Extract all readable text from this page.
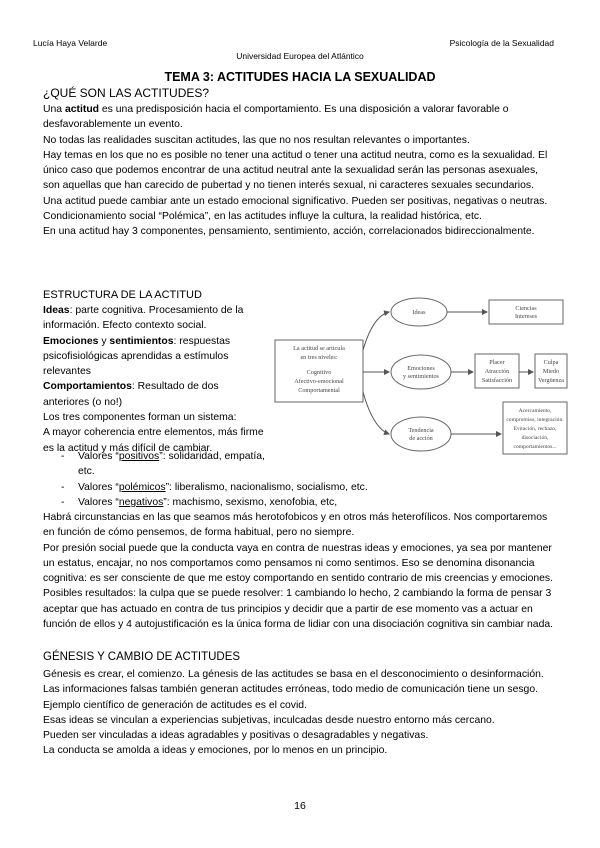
Lucía Haya Velarde	Psicología de la Sexualidad
Universidad Europea del Atlántico
TEMA 3: ACTITUDES HACIA LA SEXUALIDAD
¿QUÉ SON LAS ACTITUDES?

Una actitud es una predisposición hacia el comportamiento. Es una disposición a valorar favorable o desfavorablemente un evento.

No todas las realidades suscitan actitudes, las que no nos resultan relevantes o importantes.

Hay temas en los que no es posible no tener una actitud o tener una actitud neutra, como es la sexualidad. El único caso que podemos encontrar de una actitud neutral ante la sexualidad serán las personas asexuales, son aquellas que han carecido de pubertad y no tienen interés sexual, ni caracteres sexuales secundarios.

Una actitud puede cambiar ante un estado emocional significativo. Pueden ser positivas, negativas o neutras.

Condicionamiento social “Polémica”, en las actitudes influye la cultura, la realidad histórica, etc.

En una actitud hay 3 componentes, pensamiento, sentimiento, acción, correlacionados bidireccionalmente.

ESTRUCTURA DE LA ACTITUD

Ideas: parte cognitiva. Procesamiento de la información. Efecto contexto social.

Emociones y sentimientos: respuestas psicofisiológicas aprendidas a estímulos relevantes

Comportamientos: Resultado de dos anteriores (o no!)

Los tres componentes forman un sistema:

A mayor coherencia entre elementos, más firme es la actitud y más difícil de cambiar.

- Valores “positivos”: solidaridad, empatía, etc.
- Valores “polémicos”: liberalismo, nacionalismo, socialismo, etc.
- Valores “negativos”: machismo, sexismo, xenofobia, etc,

Habrá circunstancias en las que seamos más herotofobicos y en otros más heterofílicos. Nos comportaremos en función de cómo pensemos, de forma habitual, pero no siempre.

Por presión social puede que la conducta vaya en contra de nuestras ideas y emociones, ya sea por mantener un estatus, encajar, no nos comportamos como pensamos ni como sentimos. Eso se denomina disonancia cognitiva: es ser consciente de que me estoy comportando en sentido contrario de mis creencias y emociones. Posibles resultados: la culpa que se puede resolver: 1 cambiando lo hecho, 2 cambiando la forma de pensar 3 aceptar que has actuado en contra de tus principios y decidir que a partir de ese momento vas a actuar en función de ellos y 4 autojustificación es la única forma de lidiar con una disociación cognitiva sin cambiar nada.

La actitud se articula
en tres niveles:
Cognitivo
Afectivo-emocional
Comportamental
Ideas
Emociones
y sentimientos
Tendencia
de acción
Ciencias
Intereses
Placer
Atracción
Satisfacción
Culpa
Miedo
Vergüenza
Acercamiento,
compromiso, integración.
Evitación, rechazo,
disociación,
comportamientos...
GÉNESIS Y CAMBIO DE ACTITUDES

Génesis es crear, el comienzo. La génesis de las actitudes se basa en el desconocimiento o desinformación. Las informaciones falsas también generan actitudes erróneas, todo medio de comunicación tiene un sesgo. Ejemplo científico de generación de actitudes es el covid.

Esas ideas se vinculan a experiencias subjetivas, inculcadas desde nuestro entorno más cercano.

Pueden ser vinculadas a ideas agradables y positivas o desagradables y negativas.

La conducta se amolda a ideas y emociones, por lo menos en un principio.

16
